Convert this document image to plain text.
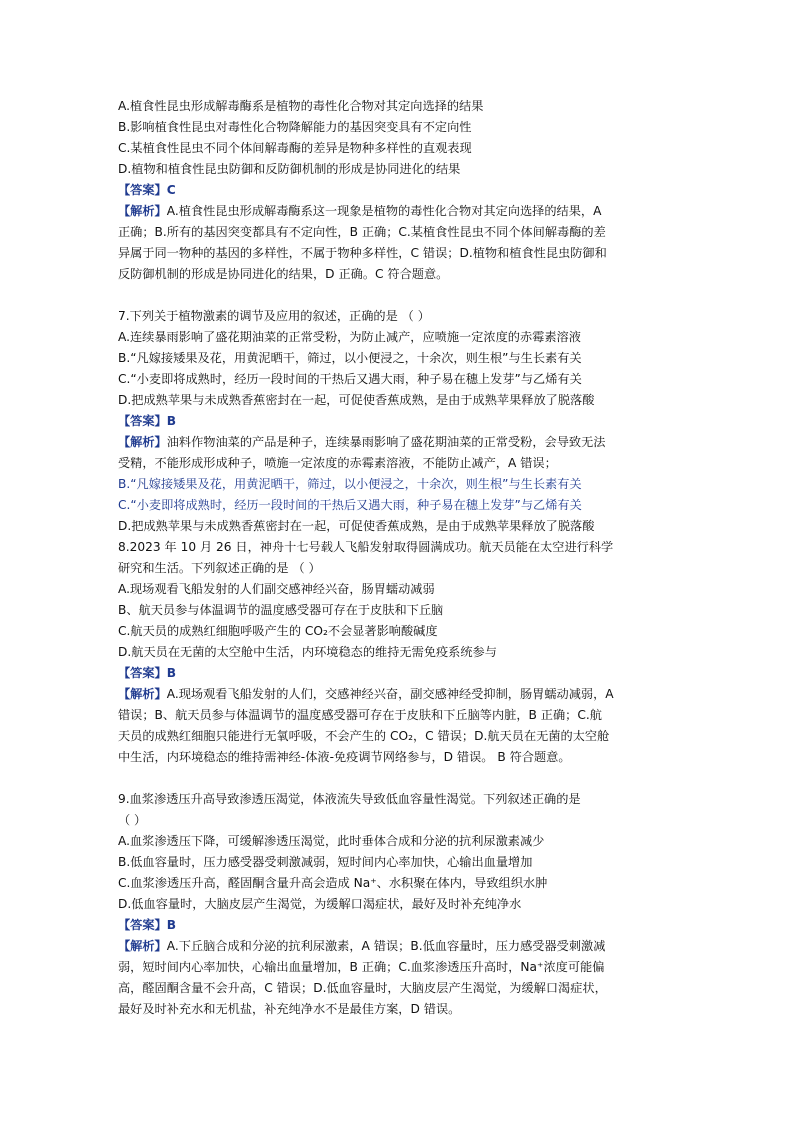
A.植食性昆虫形成解毒酶系是植物的毒性化合物对其定向选择的结果
B.影响植食性昆虫对毒性化合物降解能力的基因突变具有不定向性
C.某植食性昆虫不同个体间解毒酶的差异是物种多样性的直观表现
D.植物和植食性昆虫防御和反防御机制的形成是协同进化的结果
【答案】C
【解析】A.植食性昆虫形成解毒酶系这一现象是植物的毒性化合物对其定向选择的结果，A
正确；B.所有的基因突变都具有不定向性，B 正确；C.某植食性昆虫不同个体间解毒酶的差
异属于同一物种的基因的多样性，不属于物种多样性，C 错误；D.植物和植食性昆虫防御和
反防御机制的形成是协同进化的结果，D 正确。C 符合题意。
7.下列关于植物激素的调节及应用的叙述，正确的是 （ ）
A.连续暴雨影响了盛花期油菜的正常受粉，为防止减产，应喷施一定浓度的赤霉素溶液
B.“凡嫁接矮果及花，用黄泥晒干，筛过，以小便浸之，十余次，则生根”与生长素有关
C.“小麦即将成熟时，经历一段时间的干热后又遇大雨，种子易在穗上发芽”与乙烯有关
D.把成熟苹果与未成熟香蕉密封在一起，可促使香蕉成熟，是由于成熟苹果释放了脱落酸
【答案】B
【解析】油料作物油菜的产品是种子，连续暴雨影响了盛花期油菜的正常受粉，会导致无法
受精，不能形成形成种子，喷施一定浓度的赤霉素溶液，不能防止减产，A 错误；
B.“凡嫁接矮果及花，用黄泥晒干，筛过，以小便浸之，十余次，则生根”与生长素有关
C.“小麦即将成熟时，经历一段时间的干热后又遇大雨，种子易在穗上发芽”与乙烯有关
D.把成熟苹果与未成熟香蕉密封在一起，可促使香蕉成熟，是由于成熟苹果释放了脱落酸
8.2023 年 10 月 26 日，神舟十七号载人飞船发射取得圆满成功。航天员能在太空进行科学
研究和生活。下列叙述正确的是 （ ）
A.现场观看飞船发射的人们副交感神经兴奋，肠胃蠕动减弱
B、航天员参与体温调节的温度感受器可存在于皮肤和下丘脑
C.航天员的成熟红细胞呼吸产生的 CO₂不会显著影响酸碱度
D.航天员在无菌的太空舱中生活，内环境稳态的维持无需免疫系统参与
【答案】B
【解析】A.现场观看飞船发射的人们，交感神经兴奋，副交感神经受抑制，肠胃蠕动减弱，A
错误；B、航天员参与体温调节的温度感受器可存在于皮肤和下丘脑等内脏，B 正确；C.航
天员的成熟红细胞只能进行无氧呼吸，不会产生的 CO₂，C 错误；D.航天员在无菌的太空舱
中生活，内环境稳态的维持需神经-体液-免疫调节网络参与，D 错误。 B 符合题意。
9.血浆渗透压升高导致渗透压渴觉，体液流失导致低血容量性渴觉。下列叙述正确的是
（ ）
A.血浆渗透压下降，可缓解渗透压渴觉，此时垂体合成和分泌的抗利尿激素减少
B.低血容量时，压力感受器受刺激减弱，短时间内心率加快，心输出血量增加
C.血浆渗透压升高，醛固酮含量升高会造成 Na⁺、水积聚在体内，导致组织水肿
D.低血容量时，大脑皮层产生渴觉，为缓解口渴症状，最好及时补充纯净水
【答案】B
【解析】A.下丘脑合成和分泌的抗利尿激素，A 错误；B.低血容量时，压力感受器受刺激减
弱，短时间内心率加快，心输出血量增加，B 正确；C.血浆渗透压升高时，Na⁺浓度可能偏
高，醛固酮含量不会升高，C 错误；D.低血容量时，大脑皮层产生渴觉，为缓解口渴症状，
最好及时补充水和无机盐，补充纯净水不是最佳方案，D 错误。
